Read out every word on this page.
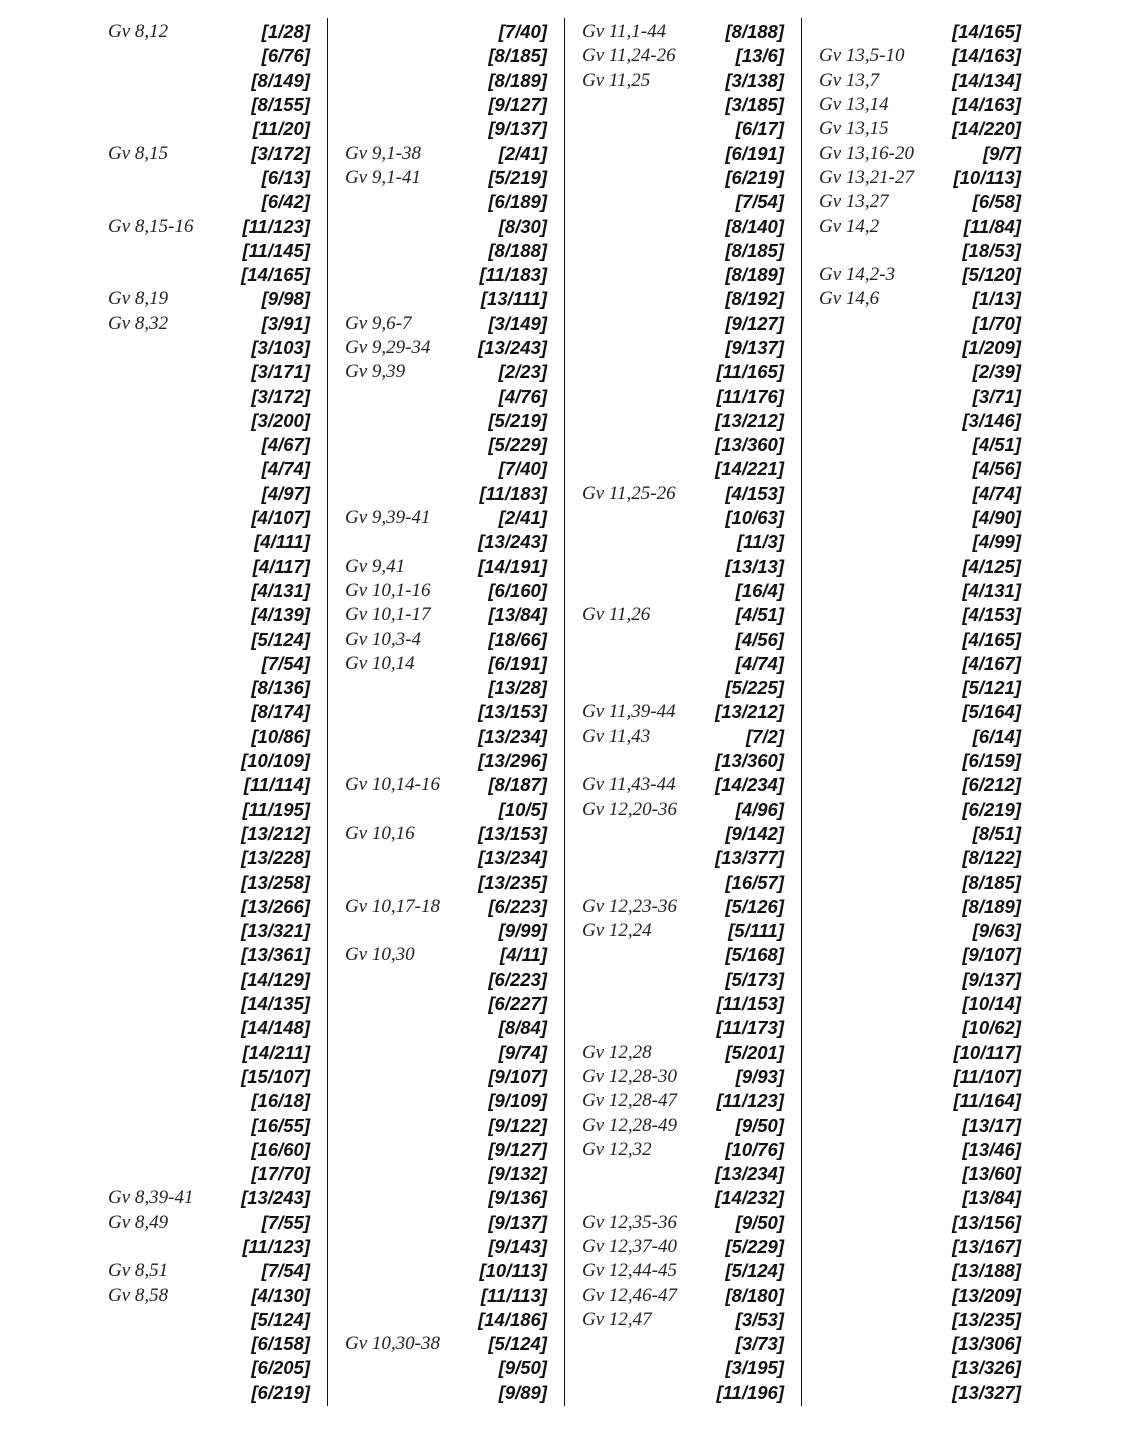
Gv 8,12	[1/28]
[6/76]
[8/149]
[8/155]
[11/20]
Gv 8,15	[3/172]
[6/13]
[6/42]
Gv 8,15-16	[11/123]
[11/145]
[14/165]
Gv 8,19	[9/98]
Gv 8,32	[3/91]
[3/103]
[3/171]
[3/172]
[3/200]
[4/67]
[4/74]
[4/97]
[4/107]
[4/111]
[4/117]
[4/131]
[4/139]
[5/124]
[7/54]
[8/136]
[8/174]
[10/86]
[10/109]
[11/114]
[11/195]
[13/212]
[13/228]
[13/258]
[13/266]
[13/321]
[13/361]
[14/129]
[14/135]
[14/148]
[14/211]
[15/107]
[16/18]
[16/55]
[16/60]
[17/70]
Gv 8,39-41	[13/243]
Gv 8,49	[7/55]
[11/123]
Gv 8,51	[7/54]
Gv 8,58	[4/130]
[5/124]
[6/158]
[6/205]
[6/219]
[7/40]
[8/185]
[8/189]
[9/127]
[9/137]
Gv 9,1-38	[2/41]
Gv 9,1-41	[5/219]
[6/189]
[8/30]
[8/188]
[11/183]
[13/111]
Gv 9,6-7	[3/149]
Gv 9,29-34	[13/243]
Gv 9,39	[2/23]
[4/76]
[5/219]
[5/229]
[7/40]
[11/183]
Gv 9,39-41	[2/41]
[13/243]
Gv 9,41	[14/191]
Gv 10,1-16	[6/160]
Gv 10,1-17	[13/84]
Gv 10,3-4	[18/66]
Gv 10,14	[6/191]
[13/28]
[13/153]
[13/234]
[13/296]
Gv 10,14-16	[8/187]
[10/5]
Gv 10,16	[13/153]
[13/234]
[13/235]
Gv 10,17-18	[6/223]
[9/99]
Gv 10,30	[4/11]
[6/223]
[6/227]
[8/84]
[9/74]
[9/107]
[9/109]
[9/122]
[9/127]
[9/132]
[9/136]
[9/137]
[9/143]
[10/113]
[11/113]
[14/186]
Gv 10,30-38	[5/124]
[9/50]
[9/89]
Gv 11,1-44	[8/188]
Gv 11,24-26	[13/6]
Gv 11,25	[3/138]
[3/185]
[6/17]
[6/191]
[6/219]
[7/54]
[8/140]
[8/185]
[8/189]
[8/192]
[9/127]
[9/137]
[11/165]
[11/176]
[13/212]
[13/360]
[14/221]
Gv 11,25-26	[4/153]
[10/63]
[11/3]
[13/13]
[16/4]
Gv 11,26	[4/51]
[4/56]
[4/74]
[5/225]
Gv 11,39-44	[13/212]
Gv 11,43	[7/2]
[13/360]
Gv 11,43-44	[14/234]
Gv 12,20-36	[4/96]
[9/142]
[13/377]
[16/57]
Gv 12,23-36	[5/126]
Gv 12,24	[5/111]
[5/168]
[5/173]
[11/153]
[11/173]
Gv 12,28	[5/201]
Gv 12,28-30	[9/93]
Gv 12,28-47	[11/123]
Gv 12,28-49	[9/50]
Gv 12,32	[10/76]
[13/234]
[14/232]
Gv 12,35-36	[9/50]
Gv 12,37-40	[5/229]
Gv 12,44-45	[5/124]
Gv 12,46-47	[8/180]
Gv 12,47	[3/53]
[3/73]
[3/195]
[11/196]
[14/165]
Gv 13,5-10	[14/163]
Gv 13,7	[14/134]
Gv 13,14	[14/163]
Gv 13,15	[14/220]
Gv 13,16-20	[9/7]
Gv 13,21-27	[10/113]
Gv 13,27	[6/58]
Gv 14,2	[11/84]
[18/53]
Gv 14,2-3	[5/120]
Gv 14,6	[1/13]
[1/70]
[1/209]
[2/39]
[3/71]
[3/146]
[4/51]
[4/56]
[4/74]
[4/90]
[4/99]
[4/125]
[4/131]
[4/153]
[4/165]
[4/167]
[5/121]
[5/164]
[6/14]
[6/159]
[6/212]
[6/219]
[8/51]
[8/122]
[8/185]
[8/189]
[9/63]
[9/107]
[9/137]
[10/14]
[10/62]
[10/117]
[11/107]
[11/164]
[13/17]
[13/46]
[13/60]
[13/84]
[13/156]
[13/167]
[13/188]
[13/209]
[13/235]
[13/306]
[13/326]
[13/327]
